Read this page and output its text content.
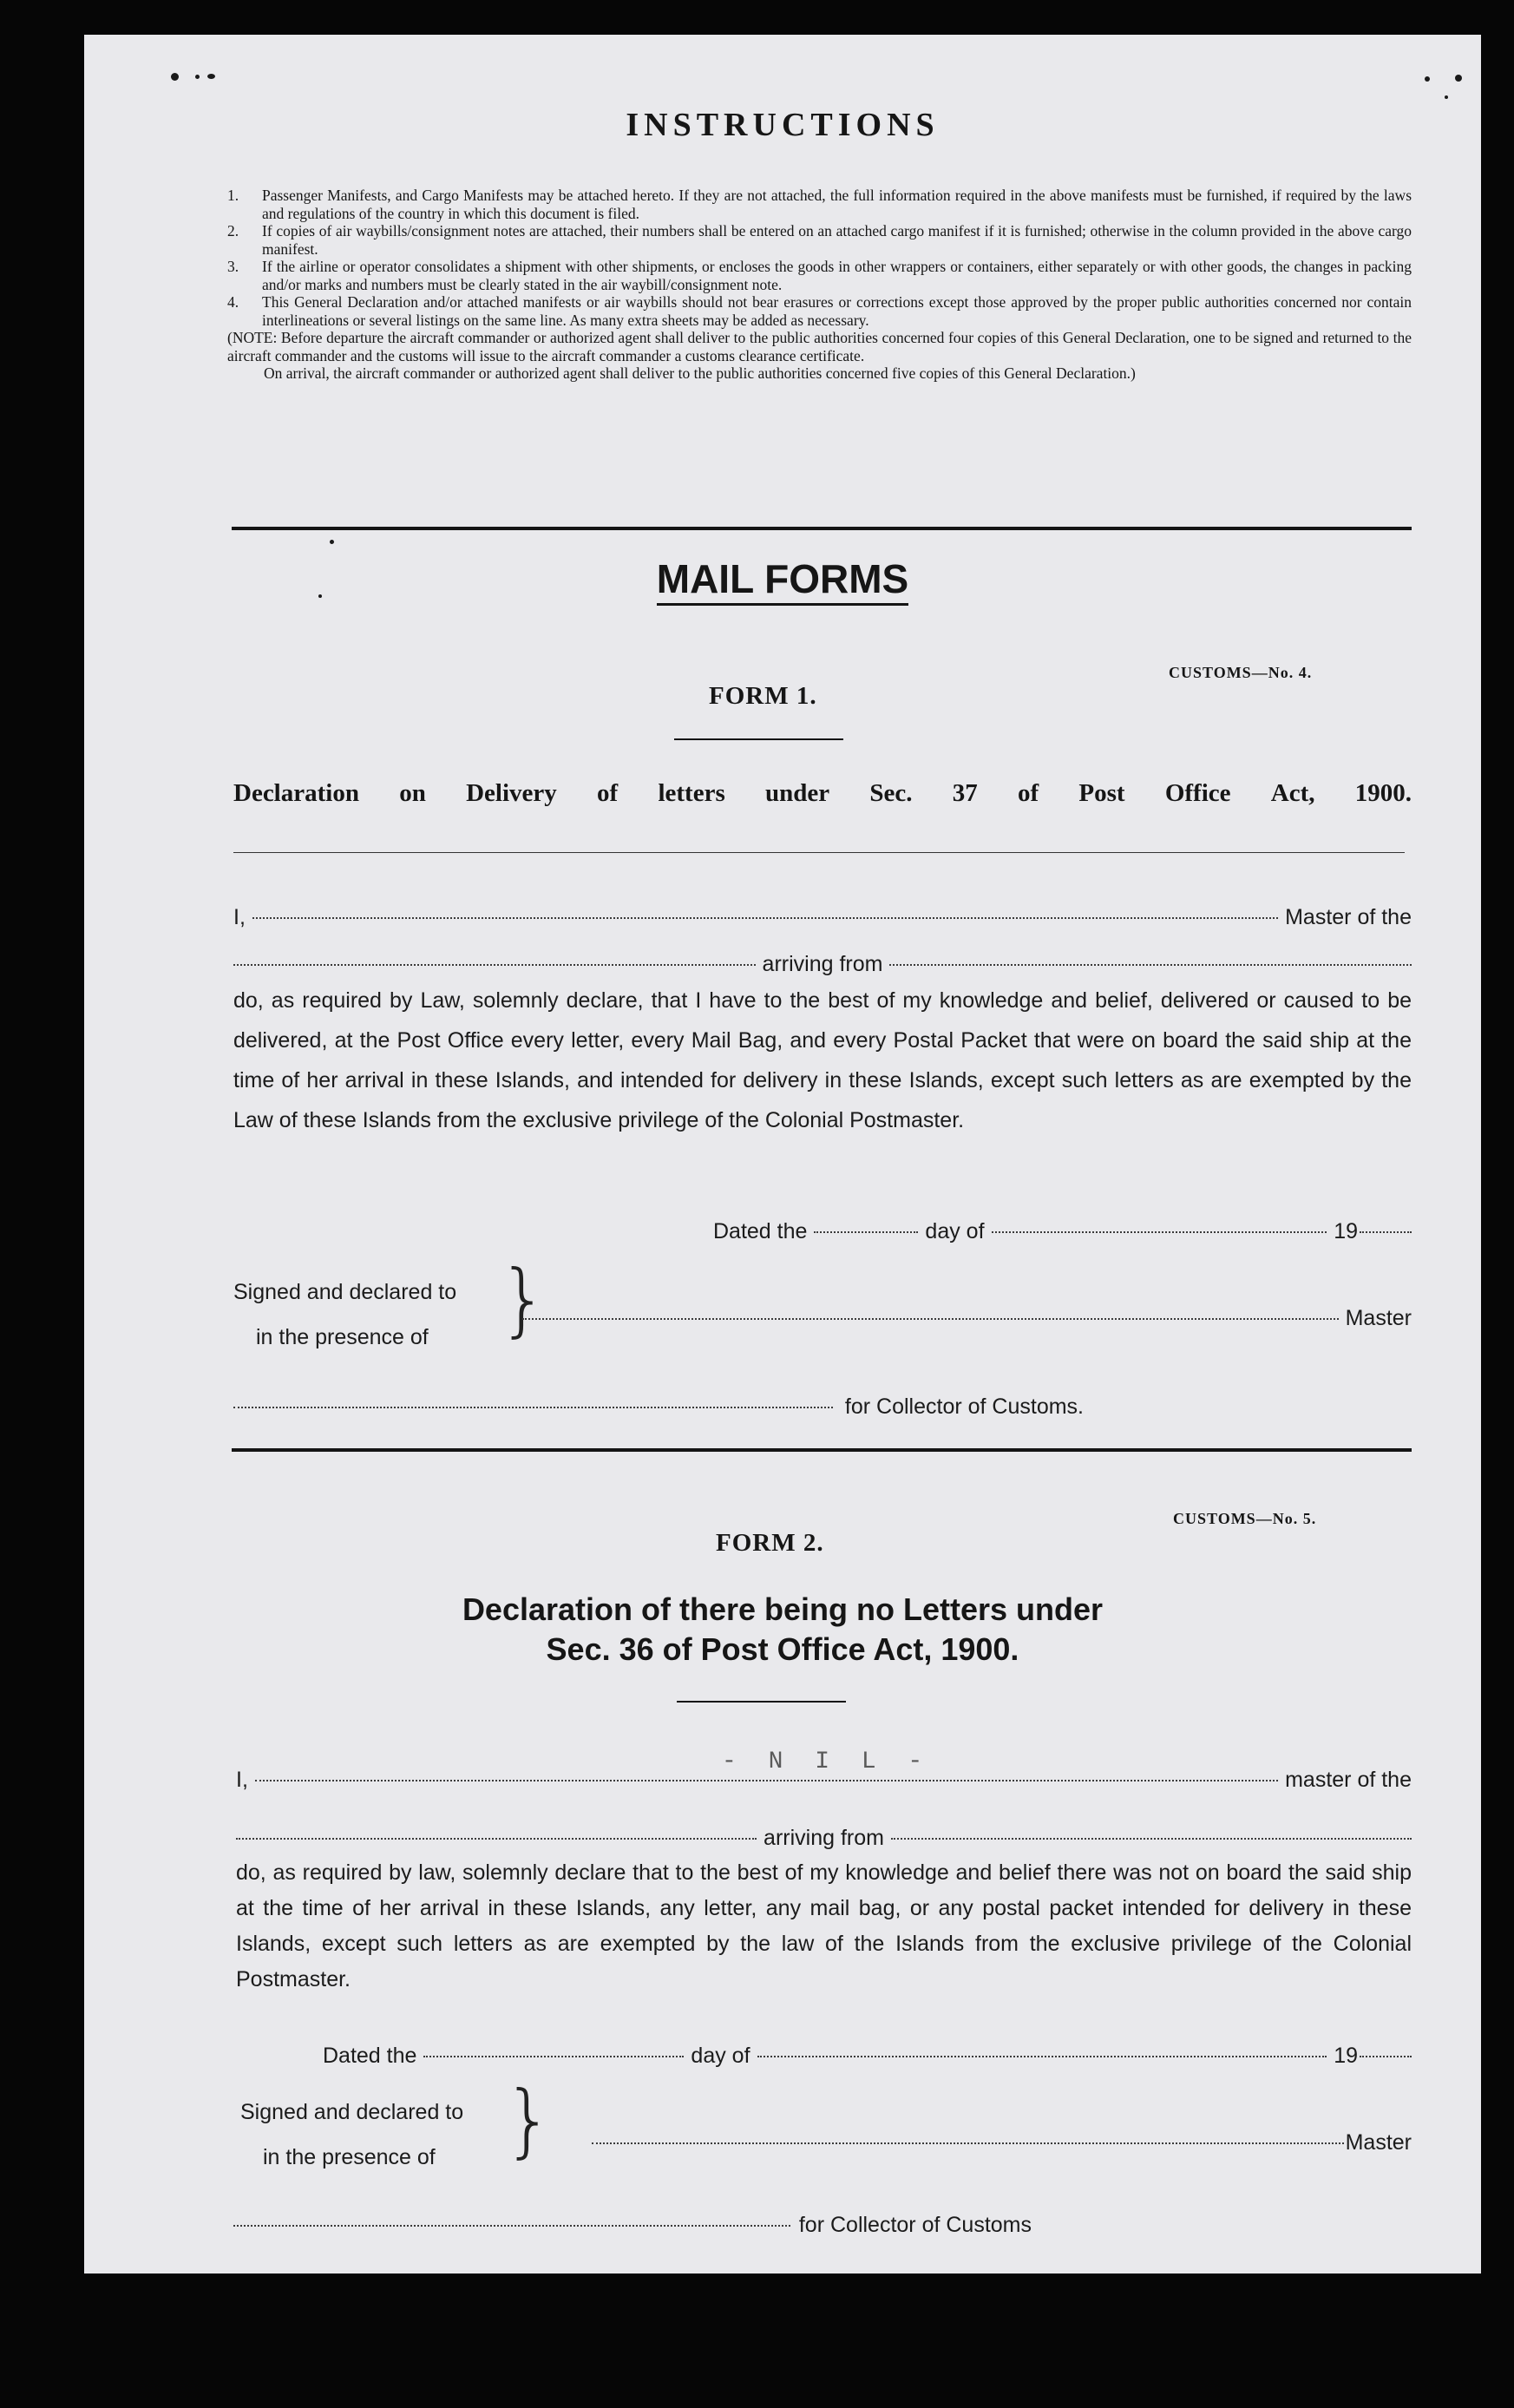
INSTRUCTIONS
1.	Passenger Manifests, and Cargo Manifests may be attached hereto. If they are not attached, the full information required in the above manifests must be furnished, if required by the laws and regulations of the country in which this document is filed.
2.	If copies of air waybills/consignment notes are attached, their numbers shall be entered on an attached cargo manifest if it is furnished; otherwise in the column provided in the above cargo manifest.
3.	If the airline or operator consolidates a shipment with other shipments, or encloses the goods in other wrappers or containers, either separately or with other goods, the changes in packing and/or marks and numbers must be clearly stated in the air waybill/consignment note.
4.	This General Declaration and/or attached manifests or air waybills should not bear erasures or corrections except those approved by the proper public authorities concerned nor contain interlineations or several listings on the same line. As many extra sheets may be added as necessary.
(NOTE: Before departure the aircraft commander or authorized agent shall deliver to the public authorities concerned four copies of this General Declaration, one to be signed and returned to the aircraft commander and the customs will issue to the aircraft commander a customs clearance certificate.
On arrival, the aircraft commander or authorized agent shall deliver to the public authorities concerned five copies of this General Declaration.)
MAIL FORMS
CUSTOMS—No. 4.
FORM 1.
Declaration on Delivery of letters under Sec. 37 of Post Office Act, 1900.
I,	Master of the
arriving from
do, as required by Law, solemnly declare, that I have to the best of my knowledge and belief, delivered or caused to be delivered, at the Post Office every letter, every Mail Bag, and every Postal Packet that were on board the said ship at the time of her arrival in these Islands, and intended for delivery in these Islands, except such letters as are exempted by the Law of these Islands from the exclusive privilege of the Colonial Postmaster.
Dated the	day of	19
Signed and declared to
in the presence of }	Master
for Collector of Customs.
CUSTOMS—No. 5.
FORM 2.
Declaration of there being no Letters under
Sec. 36 of Post Office Act, 1900.
I,	master of the
- N I L -
arriving from
do, as required by law, solemnly declare that to the best of my knowledge and belief there was not on board the said ship at the time of her arrival in these Islands, any letter, any mail bag, or any postal packet intended for delivery in these Islands, except such letters as are exempted by the law of the Islands from the exclusive privilege of the Colonial Postmaster.
Dated the	day of	19
Signed and declared to
in the presence of }	Master
for Collector of Customs
